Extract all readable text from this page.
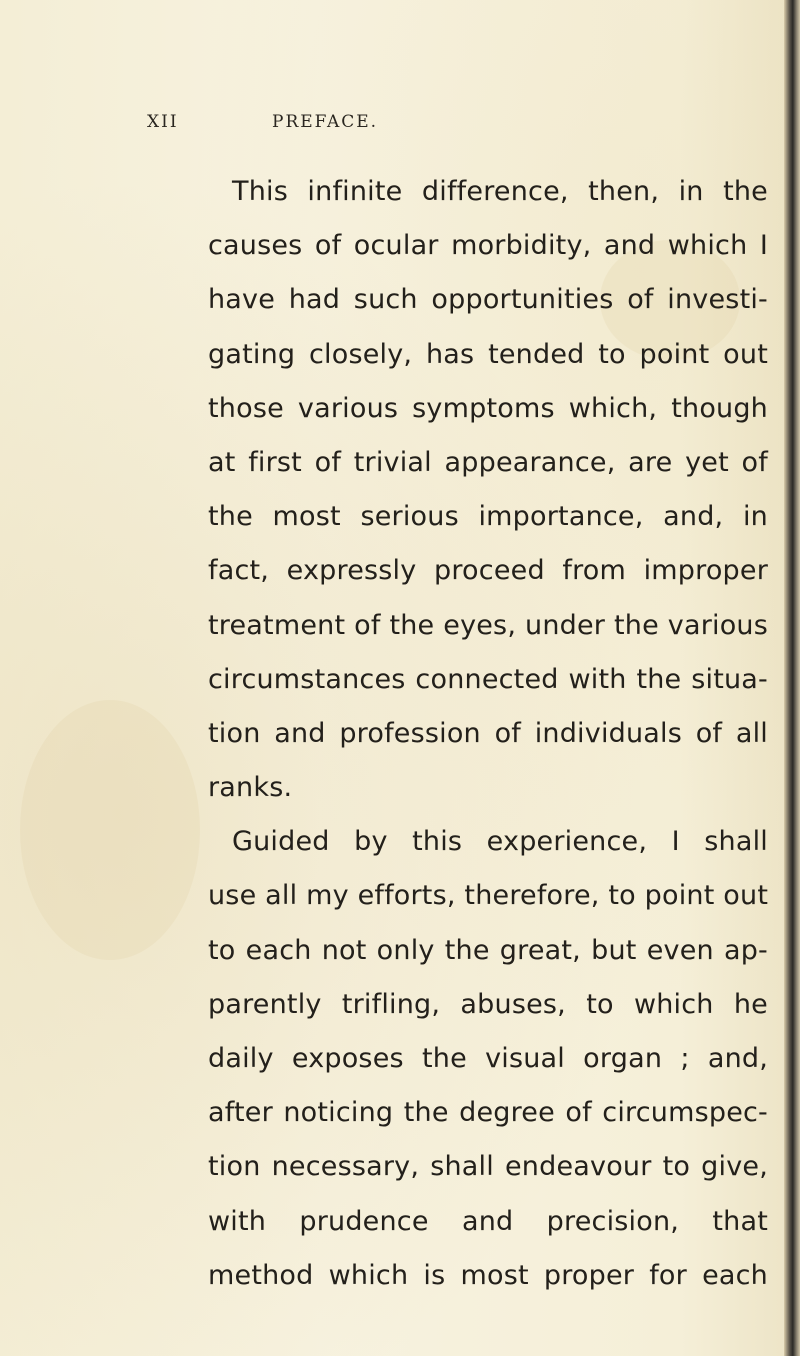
XII	PREFACE.
This infinite difference, then, in the
causes of ocular morbidity, and which I
have had such opportunities of investi-
gating closely, has tended to point out
those various symptoms which, though
at first of trivial appearance, are yet of
the most serious importance, and, in
fact, expressly proceed from improper
treatment of the eyes, under the various
circumstances connected with the situa-
tion and profession of individuals of all
ranks.
Guided by this experience, I shall
use all my efforts, therefore, to point out
to each not only the great, but even ap-
parently trifling, abuses, to which he
daily exposes the visual organ ; and,
after noticing the degree of circumspec-
tion necessary, shall endeavour to give,
with prudence and precision, that
method which is most proper for each
